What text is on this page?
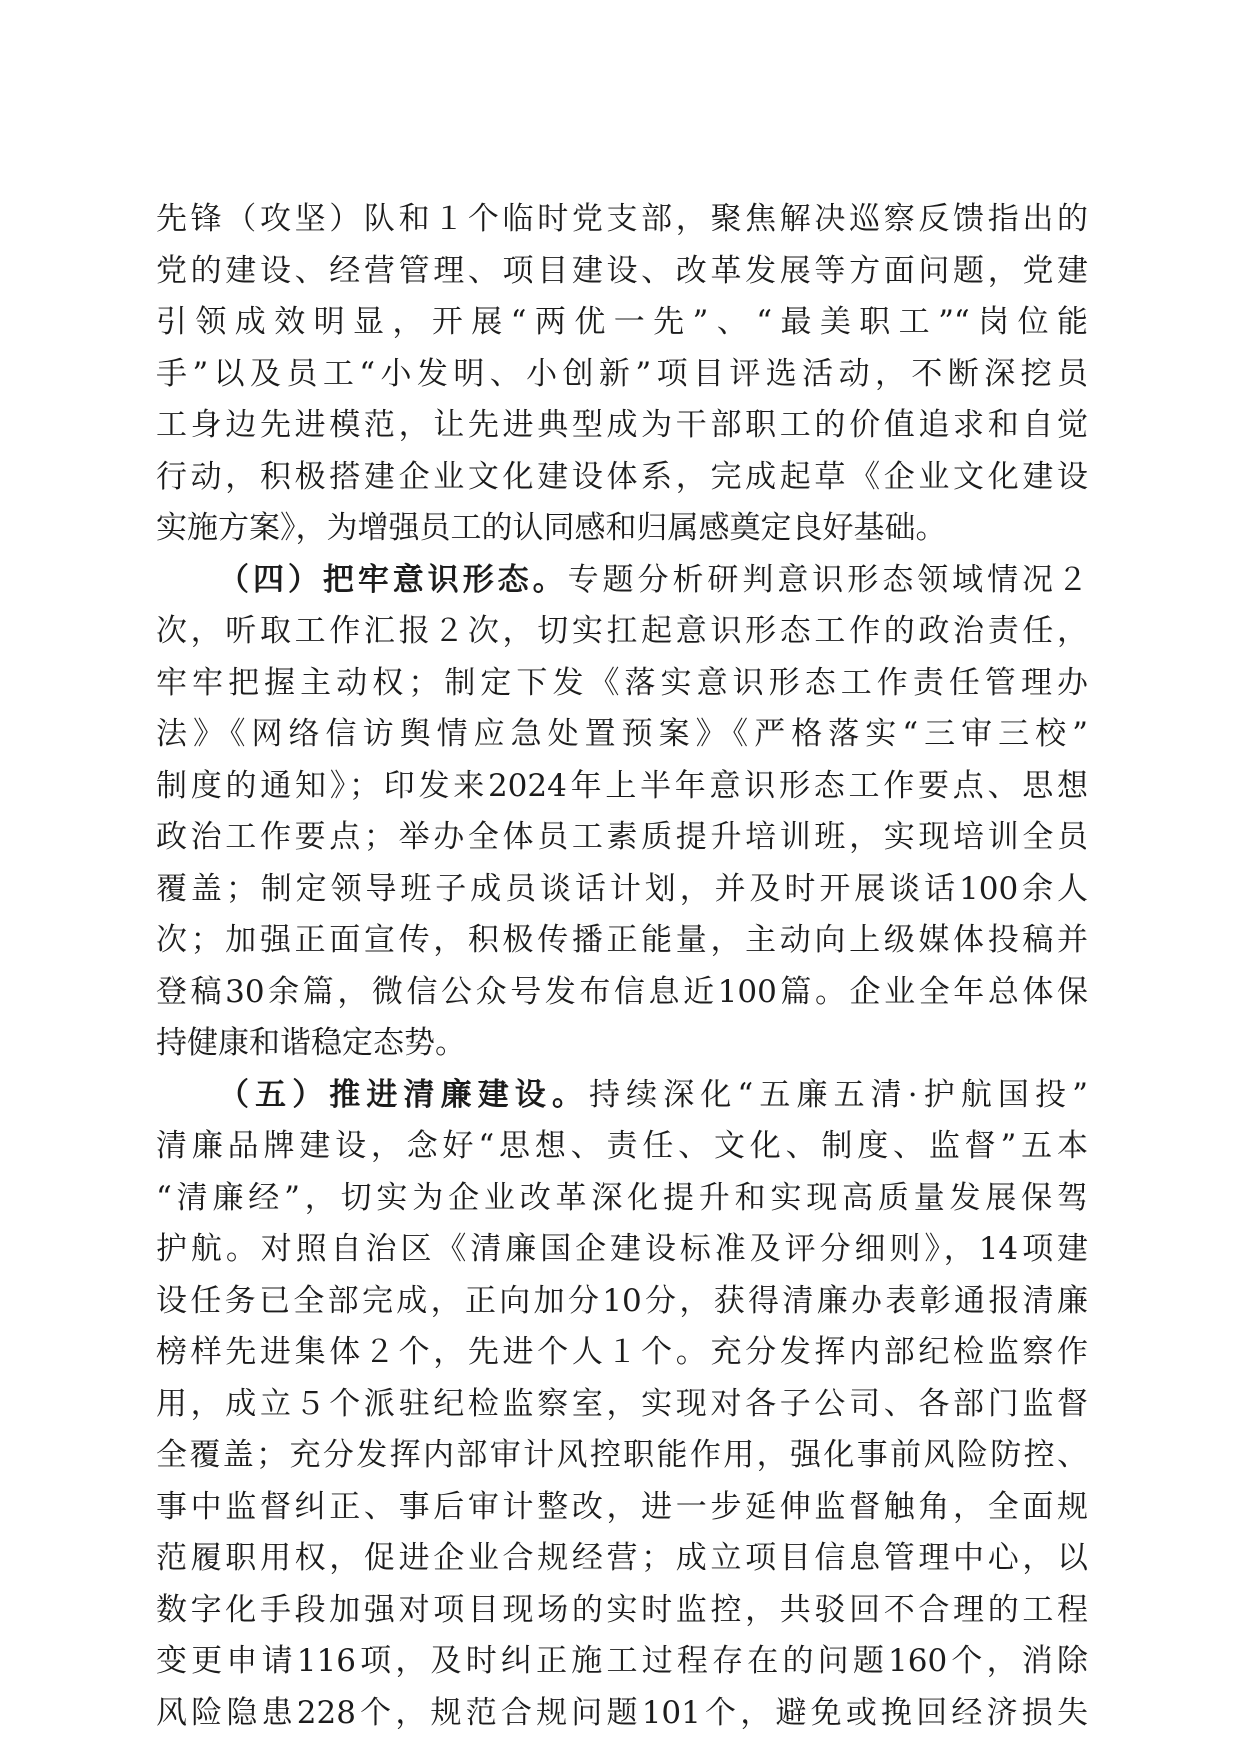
先锋（攻坚）队和１个临时党支部，聚焦解决巡察反馈指出的
党的建设、经营管理、项目建设、改革发展等方面问题，党建
引领成效明显，开展“两优一先”、“最美职工”“岗位能
手”以及员工“小发明、小创新”项目评选活动，不断深挖员
工身边先进模范，让先进典型成为干部职工的价值追求和自觉
行动，积极搭建企业文化建设体系，完成起草《企业文化建设
实施方案》，为增强员工的认同感和归属感奠定良好基础。
（四）把牢意识形态。专题分析研判意识形态领域情况２
次，听取工作汇报２次，切实扛起意识形态工作的政治责任，
牢牢把握主动权；制定下发《落实意识形态工作责任管理办
法》《网络信访舆情应急处置预案》《严格落实“三审三校”
制度的通知》；印发来2024年上半年意识形态工作要点、思想
政治工作要点；举办全体员工素质提升培训班，实现培训全员
覆盖；制定领导班子成员谈话计划，并及时开展谈话100余人
次；加强正面宣传，积极传播正能量，主动向上级媒体投稿并
登稿30余篇，微信公众号发布信息近100篇。企业全年总体保
持健康和谐稳定态势。
（五）推进清廉建设。持续深化“五廉五清·护航国投”
清廉品牌建设，念好“思想、责任、文化、制度、监督”五本
“清廉经”，切实为企业改革深化提升和实现高质量发展保驾
护航。对照自治区《清廉国企建设标准及评分细则》，14项建
设任务已全部完成，正向加分10分，获得清廉办表彰通报清廉
榜样先进集体２个，先进个人１个。充分发挥内部纪检监察作
用，成立５个派驻纪检监察室，实现对各子公司、各部门监督
全覆盖；充分发挥内部审计风控职能作用，强化事前风险防控、
事中监督纠正、事后审计整改，进一步延伸监督触角，全面规
范履职用权，促进企业合规经营；成立项目信息管理中心，以
数字化手段加强对项目现场的实时监控，共驳回不合理的工程
变更申请116项，及时纠正施工过程存在的问题160个，消除
风险隐患228个，规范合规问题101个，避免或挽回经济损失
